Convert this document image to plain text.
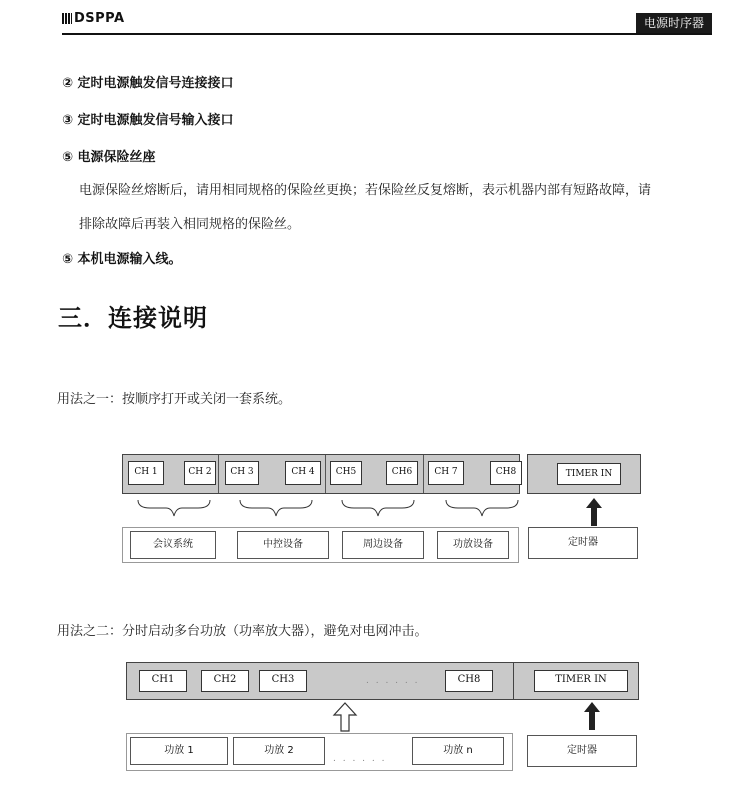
DSPPA	电源时序器
② 定时电源触发信号连接接口
③ 定时电源触发信号输入接口
⑤ 电源保险丝座
电源保险丝熔断后，请用相同规格的保险丝更换；若保险丝反复熔断，表示机器内部有短路故障，请
排除故障后再装入相同规格的保险丝。
⑤ 本机电源输入线。
三．连接说明
用法之一：按顺序打开或关闭一套系统。
CH 1	CH 2	CH 3	CH 4	CH5	CH6	CH 7	CH8	TIMER IN
会议系统	中控设备	周边设备	功放设备	定时器
用法之二：分时启动多台功放（功率放大器），避免对电网冲击。
CH1	CH2	CH3	. . . . . .	CH8	TIMER IN
功放 1	功放 2
. . . . . .
功放 n	定时器
